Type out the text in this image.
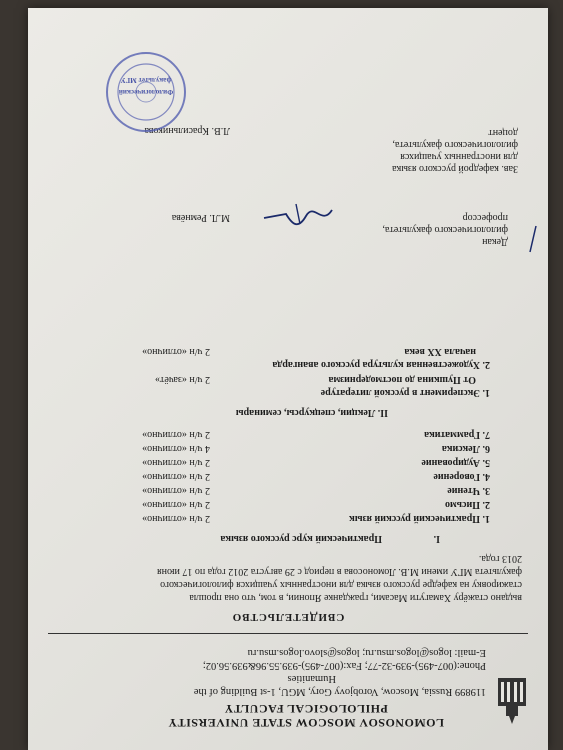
LOMONOSOV MOSCOW STATE UNIVERSITY
PHILOLOGICAL FACULTY
119899 Russia, Moscow, Vorobjovy Gory, MGU, 1-st Building of the
Humanities
Phone:(007-495)-939-32-77; Fax:(007-495)-939.55.96&939.56.02;
E-mail: logos@logos.msu.ru; logos@slovo.logos.msu.ru
СВИДЕТЕЛЬСТВО
выдано стажёру Хамагути Масами, гражданке Японии, в том, что она прошла
стажировку на кафедре русского языка для иностранных учащихся филологического
факультета МГУ имени М.В. Ломоносова в период с 29 августа 2012 года по 17 июня
2013 года.
I.
Практический курс русского языка
1. Практический русский язык
2 ч/н «отлично»
2. Письмо
2 ч/н «отлично»
3. Чтение
2 ч/н «отлично»
4. Говорение
2 ч/н «отлично»
5. Аудирование
2 ч/н «отлично»
6. Лексика
4 ч/н «отлично»
7. Грамматика
2 ч/н «отлично»
II. Лекции, спецкурсы, семинары
1. Эксперимент в русской литературе
От Пушкина до постмодернизма
2 ч/н «зачёт»
2. Художественная культура русского авангарда
начала XX века
2 ч/н «отлично»
Декан
филологического факультета,
профессор
М.Л. Ремнёва
Зав. кафедрой русского языка
для иностранных учащихся
филологического факультета,
доцент
Л.В. Красильникова
Филологический факультет МГУ
